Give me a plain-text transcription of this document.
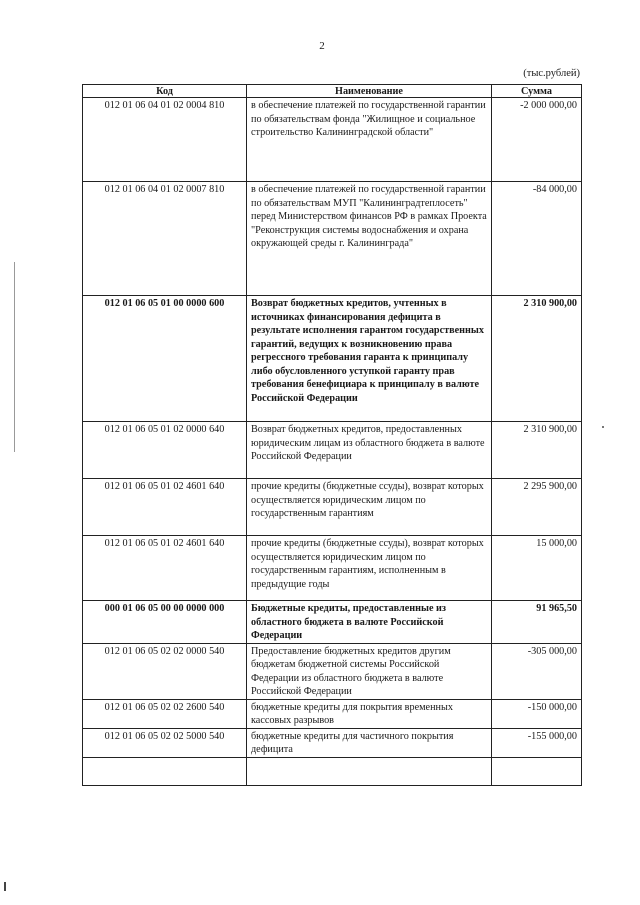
2
(тыс.рублей)
Код	Наименование	Сумма
012 01 06 04 01 02 0004 810	в обеспечение платежей по государственной гарантии по обязательствам фонда "Жилищное и социальное строительство Калининградской области"	-2 000 000,00
012 01 06 04 01 02 0007 810	в обеспечение платежей по государственной гарантии по обязательствам МУП "Калининградтеплосеть" перед Министерством финансов РФ в рамках Проекта "Реконструкция системы водоснабжения и охрана окружающей среды г. Калининграда"	-84 000,00
012 01 06 05 01 00 0000 600	Возврат бюджетных кредитов, учтенных в источниках финансирования дефицита в результате исполнения гарантом государственных гарантий, ведущих к возникновению права регрессного требования гаранта к принципалу либо обусловленного уступкой гаранту прав требования бенефициара к принципалу в валюте Российской Федерации	2 310 900,00
012 01 06 05 01 02 0000 640	Возврат бюджетных кредитов, предоставленных юридическим лицам из областного бюджета в валюте Российской Федерации	2 310 900,00
012 01 06 05 01 02 4601 640	прочие кредиты (бюджетные ссуды), возврат которых осуществляется юридическим лицом по государственным гарантиям	2 295 900,00
012 01 06 05 01 02 4601 640	прочие кредиты (бюджетные ссуды), возврат которых осуществляется юридическим лицом по государственным гарантиям, исполненным в предыдущие годы	15 000,00
000 01 06 05 00 00 0000 000	Бюджетные кредиты, предоставленные из областного бюджета в валюте Российской Федерации	91 965,50
012 01 06 05 02 02 0000 540	Предоставление бюджетных кредитов другим бюджетам бюджетной системы Российской Федерации из областного бюджета в валюте Российской Федерации	-305 000,00
012 01 06 05 02 02 2600 540	бюджетные кредиты для покрытия временных кассовых разрывов	-150 000,00
012 01 06 05 02 02 5000 540	бюджетные кредиты для частичного покрытия дефицита	-155 000,00
